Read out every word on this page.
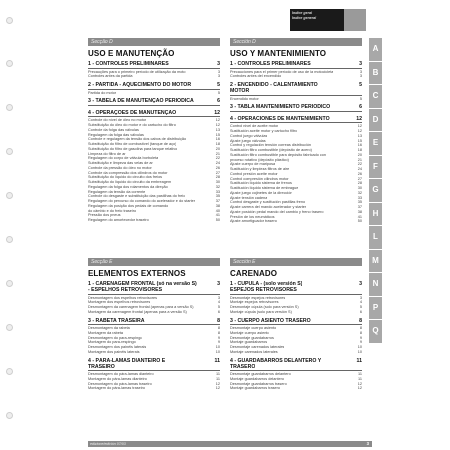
Índice geral
Índice general
Secção D
USO E MANUTENÇÃO
1 - CONTROLES PRELIMINARES	3
Precauções para o primeiro período de utilização da moto	3
Controles antes da partida	3
2 - PARTIDA - AQUECIMENTO DO MOTOR	5
Partida do motor	5
3 - TABELA DE MANUTENÇÃO PERIÓDICA	6
4 - OPERAÇÕES DE MANUTENÇÃO	12
Controle do nível de óleo no motor	12
Substituição do óleo do motor e do cartucho do filtro	12
Controle da folga das válvulas	13
Regulagem da folga das válvulas	15
Controle e regulagem da tensão dos cabos de distribuição	16
Substituição do filtro de combustível (tanque de aço)	18
Substituição do filtro de gasolina para tanque relativo	20
Limpeza do filtro de ar	21
Regulagem do corpo de válvula borboleta	22
Substituição e limpeza das velas de ar	24
Controle da pressão do óleo no motor	26
Controle da compressão dos cilindros do motor	27
Substituição do líquido do circuito dos freios	28
Substituição do líquido do circuito da embreagem	30
Regulagem da folga dos rolamentos da direção	32
Regulagem da tensão da corrente	33
Controle do desgaste e substituição das pastilhas do freio	35
Regulagem do percurso do comando do acelerador e do starter	37
Regulagem da posição dos pedais de comando	38
do câmbio e do freio traseiro	40
Pressão dos pneus	41
Regulagem do amortecedor traseiro	50
Secção E
ELEMENTOS EXTERNOS
1 - CARENAGEM FRONTAL (só na versão S)	3
- ESPELHOS RETROVISORES
Desmontagem dos espelhos retrovisores	3
Montagem dos espelhos retrovisores	4
Desmontagem da carenagem frontal (apenas para a versão S)	5
Montagem da carenagem frontal (apenas para a versão S)	6
3 - RABETA TRASEIRA	8
Desmontagem da rabeta	8
Montagem da rabeta	8
Desmontagem do para-respingo	9
Montagem do para-respingo	9
Desmontagem dos painéis laterais	10
Montagem dos painéis laterais	10
4 - PÁRA-LAMAS DIANTEIRO E	11
TRASEIRO
Desmontagem do pára-lamas dianteiro	11
Montagem do pára-lamas dianteiro	11
Desmontagem do pára-lamas traseiro	12
Montagem do pára-lamas traseiro	12
Sección D
USO Y MANTENIMIENTO
1 - CONTROLES PRELIMINARES	3
Precauciones para el primer período de uso de la motocicleta	3
Controles antes del encendido	3
2 - ENCENDIDO - CALENTAMIENTO	5
MOTOR
Encendido motor	5
3 - TABLA MANTENIMIENTO PERIÓDICO	6
4 - OPERACIONES DE MANTENIMIENTO	12
Control nivel de aceite motor	12
Sustitución aceite motor y cartucho filtro	12
Control juego válvulas	13
Ajuste juego válvulas	15
Control y regulación tensión correas distribución	16
Sustitución filtro combustible (depósito de acero)	18
Sustitución filtro combustible para depósito fabricado con	20
proceso rotativo (depósito plástico)	21
Ajuste cuerpo de mariposa	22
Sustitución y limpieza filtros de aire	24
Control presión aceite motor	26
Control compresión cilindros motor	27
Sustitución líquido sistema de frenos	28
Sustitución líquido sistema de embrague	30
Ajuste juego cojinetes de la dirección	32
Ajuste tensión cadena	33
Control desgaste y sustitución pastillas freno	35
Ajuste carrera del mando acelerador y starter	37
Ajuste posición pedal mando del cambio y freno trasero	38
Presión de los neumáticos	41
Ajuste amortiguador trasero	50
Sección E
CARENADO
1 - CÚPULA - (solo versión S)	3
ESPEJOS RETROVISORES
Desmontaje espejos retrovisores	3
Montaje espejos retrovisores	4
Desmontaje cúpula (solo para versión S)	5
Montaje cúpula (solo para versión S)	6
3 - CUERPO ASIENTO TRASERO	8
Desmontaje cuerpo asiento	8
Montaje cuerpo asiento	8
Desmontaje guardabarros	9
Montaje guardabarros	9
Desmontaje carenados laterales	10
Montaje carenados laterales	10
4 - GUARDABARROS DELANTERO Y	11
TRASERO
Desmontaje guardabarros delantero	11
Montaje guardabarros delantero	11
Desmontaje guardabarros trasero	12
Montaje guardabarros trasero	12
A
B
C
D
E
F
G
H
L
M
N
P
Q
edizione/edición 07/03	3
